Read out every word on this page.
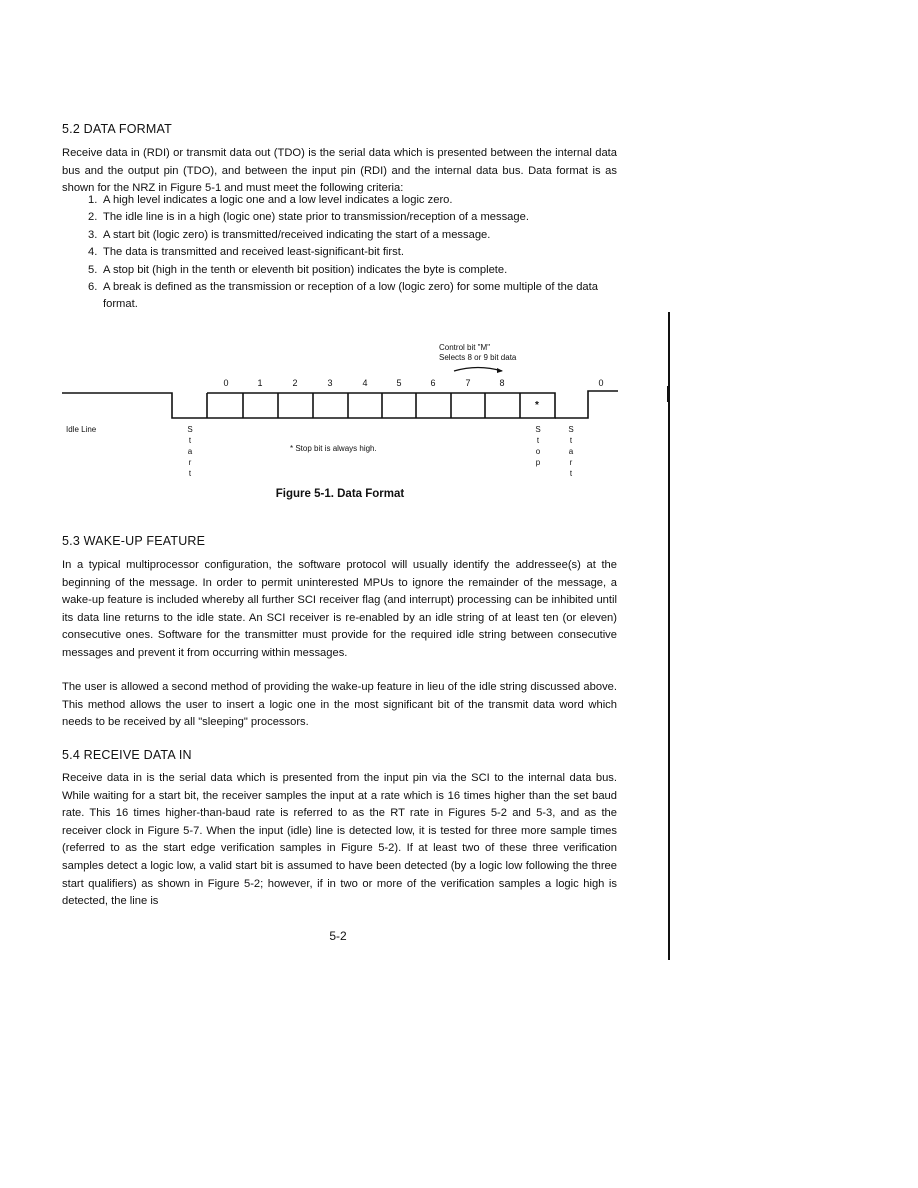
5.2 DATA FORMAT

Receive data in (RDI) or transmit data out (TDO) is the serial data which is presented between the internal data bus and the output pin (TDO), and between the input pin (RDI) and the internal data bus. Data format is as shown for the NRZ in Figure 5-1 and must meet the following criteria:

1. A high level indicates a logic one and a low level indicates a logic zero.
2. The idle line is in a high (logic one) state prior to transmission/reception of a message.
3. A start bit (logic zero) is transmitted/received indicating the start of a message.
4. The data is transmitted and received least-significant-bit first.
5. A stop bit (high in the tenth or eleventh bit position) indicates the byte is complete.
6. A break is defined as the transmission or reception of a low (logic zero) for some multiple of the data format.
Control bit "M"
Selects 8 or 9 bit data
0	1	2	3	4	5	6	7	8	0
*
Idle Line	S
t
a
r
t
S
t
o
p
S
t
a
r
t
* Stop bit is always high.

Figure 5-1. Data Format

5.3 WAKE-UP FEATURE

In a typical multiprocessor configuration, the software protocol will usually identify the addressee(s) at the beginning of the message. In order to permit uninterested MPUs to ignore the remainder of the message, a wake-up feature is included whereby all further SCI receiver flag (and interrupt) processing can be inhibited until its data line returns to the idle state. An SCI receiver is re-enabled by an idle string of at least ten (or eleven) consecutive ones. Software for the transmitter must provide for the required idle string between consecutive messages and prevent it from occurring within messages.

The user is allowed a second method of providing the wake-up feature in lieu of the idle string discussed above. This method allows the user to insert a logic one in the most significant bit of the transmit data word which needs to be received by all "sleeping" processors.

5.4 RECEIVE DATA IN

Receive data in is the serial data which is presented from the input pin via the SCI to the internal data bus. While waiting for a start bit, the receiver samples the input at a rate which is 16 times higher than the set baud rate. This 16 times higher-than-baud rate is referred to as the RT rate in Figures 5-2 and 5-3, and as the receiver clock in Figure 5-7. When the input (idle) line is detected low, it is tested for three more sample times (referred to as the start edge verification samples in Figure 5-2). If at least two of these three verification samples detect a logic low, a valid start bit is assumed to have been detected (by a logic low following the three start qualifiers) as shown in Figure 5-2; however, if in two or more of the verification samples a logic high is detected, the line is

5-2
